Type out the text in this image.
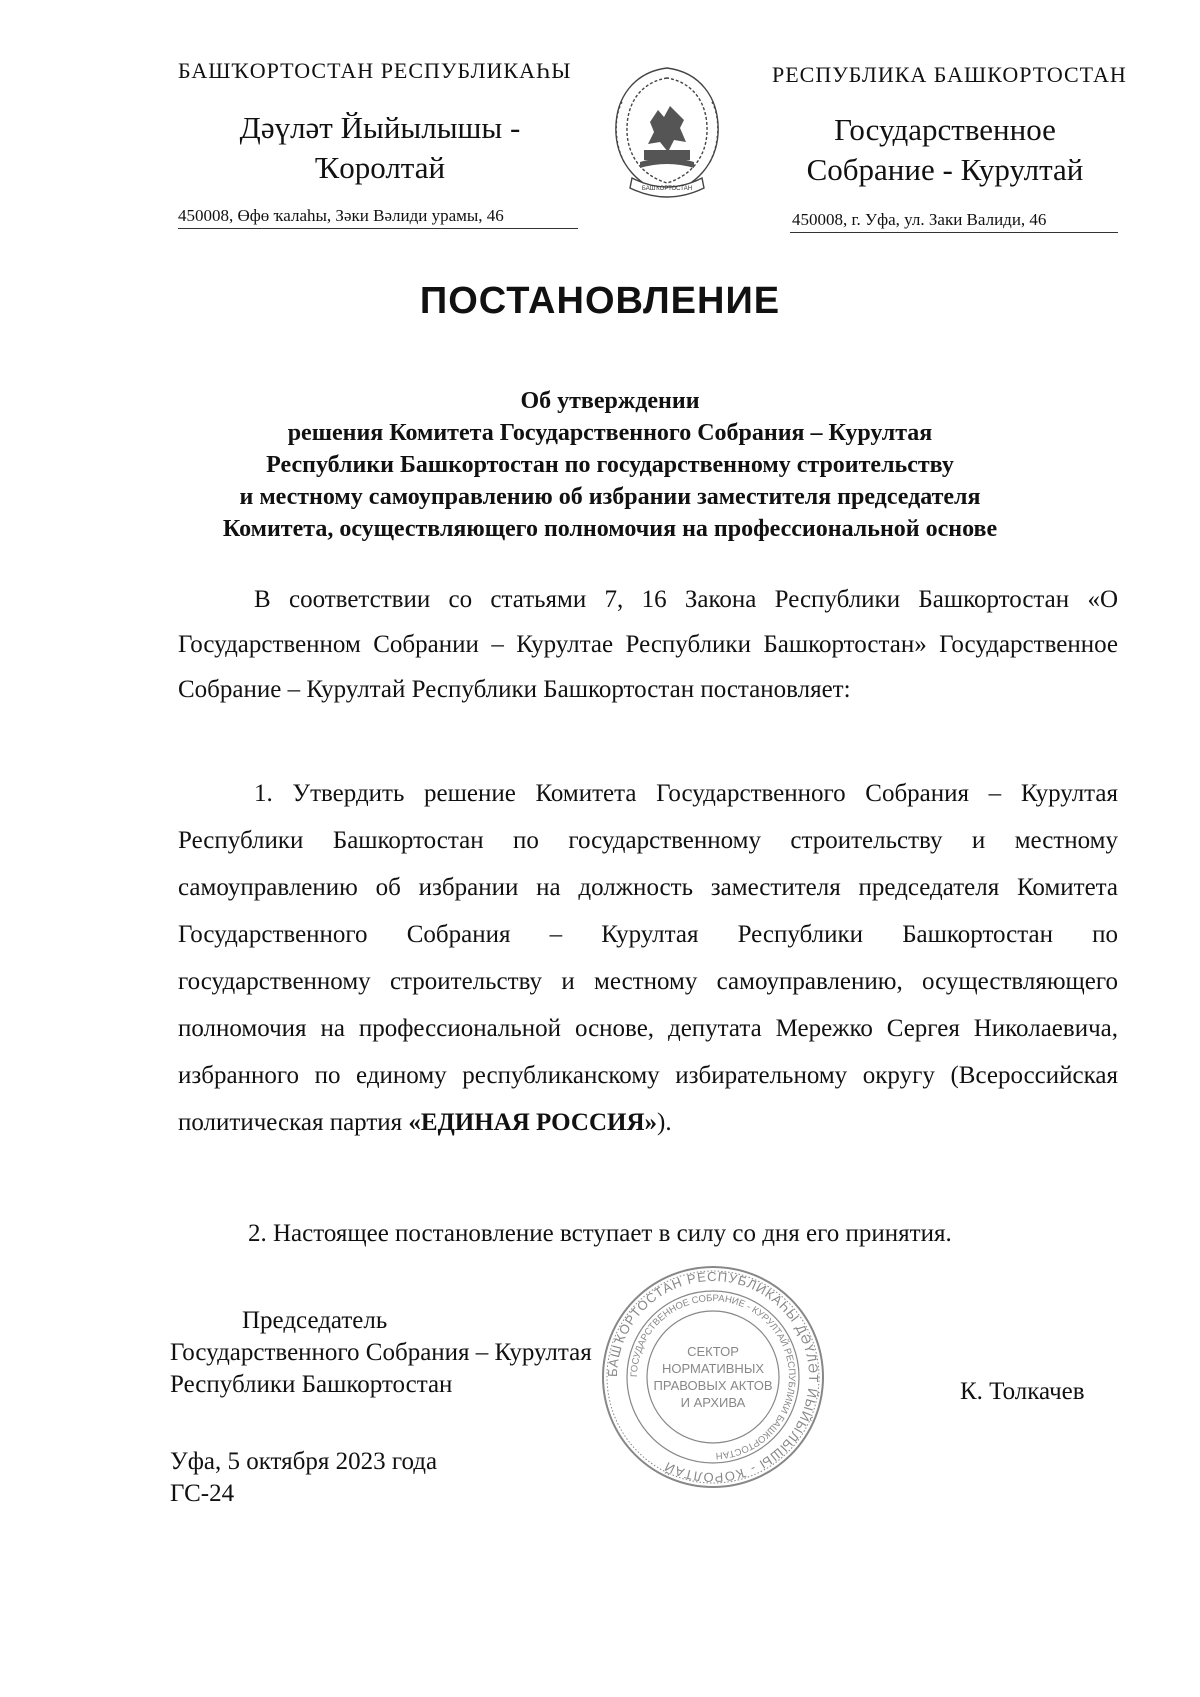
БАШҠОРТОСТАН РЕСПУБЛИКАҺЫ
Дәүләт Йыйылышы -
Ҡоролтай
450008, Өфө ҡалаһы, Зәки Вәлиди урамы, 46
РЕСПУБЛИКА БАШКОРТОСТАН
Государственное
Собрание - Курултай
450008, г. Уфа, ул. Заки Валиди, 46
БАШҠОРТОСТАН
ПОСТАНОВЛЕНИЕ
Об утверждении
решения Комитета Государственного Собрания – Курултая
Республики Башкортостан по государственному строительству
и местному самоуправлению об избрании заместителя председателя
Комитета, осуществляющего полномочия на профессиональной основе

В соответствии со статьями 7, 16 Закона Республики Башкортостан «О Государственном Собрании – Курултае Республики Башкортостан» Государственное Собрание – Курултай Республики Башкортостан постановляет:

1. Утвердить решение Комитета Государственного Собрания – Курултая Республики Башкортостан по государственному строительству и местному самоуправлению об избрании на должность заместителя председателя Комитета Государственного Собрания – Курултая Республики Башкортостан по государственному строительству и местному самоуправлению, осуществляющего полномочия на профессиональной основе, депутата Мережко Сергея Николаевича, избранного по единому республиканскому избирательному округу (Всероссийская политическая партия «ЕДИНАЯ РОССИЯ»).

2. Настоящее постановление вступает в силу со дня его принятия.

БАШҠОРТОСТАН РЕСПУБЛИКАҺЫ ДӘҮЛӘТ ЙЫЙЫЛЫШЫ - ҠОРОЛТАЙ
ГОСУДАРСТВЕННОЕ СОБРАНИЕ - КУРУЛТАЙ РЕСПУБЛИКИ БАШКОРТОСТАН
СЕКТОР
НОРМАТИВНЫХ
ПРАВОВЫХ АКТОВ
И АРХИВА
Председатель
Государственного Собрания – Курултая
Республики Башкортостан	К. Толкачев
Уфа, 5 октября 2023 года
ГС-24
